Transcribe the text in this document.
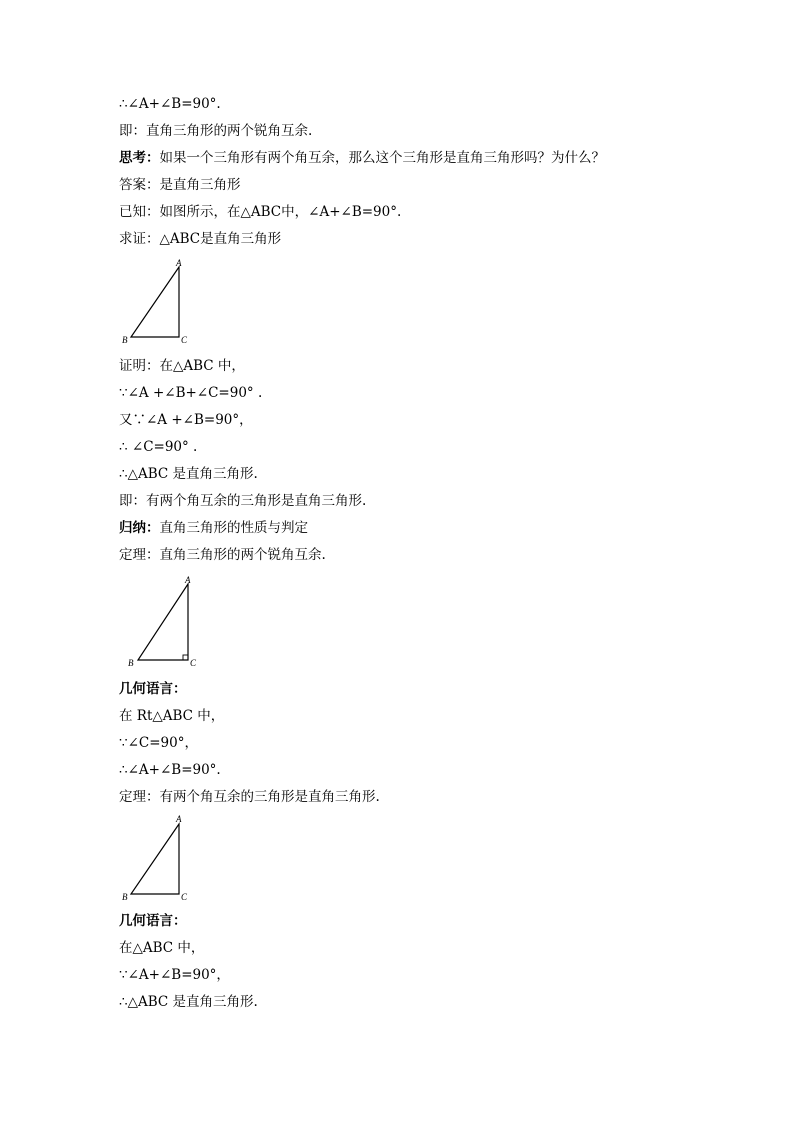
∴∠A+∠B=90°.
即：直角三角形的两个锐角互余.
思考：如果一个三角形有两个角互余，那么这个三角形是直角三角形吗？为什么？
答案：是直角三角形
已知：如图所示，在△ABC中，∠A+∠B=90°.
求证：△ABC是直角三角形
A
B	C
证明：在△ABC 中，
∵∠A +∠B+∠C=90° .
又∵∠A +∠B=90°，
∴ ∠C=90° .
∴△ABC 是直角三角形.
即：有两个角互余的三角形是直角三角形.
归纳：直角三角形的性质与判定
定理：直角三角形的两个锐角互余.
A
B	C
几何语言：
在 Rt△ABC 中，
∵∠C=90°，
∴∠A+∠B=90°.
定理：有两个角互余的三角形是直角三角形.
A
B	C
几何语言：
在△ABC 中，
∵∠A+∠B=90°，
∴△ABC 是直角三角形.
